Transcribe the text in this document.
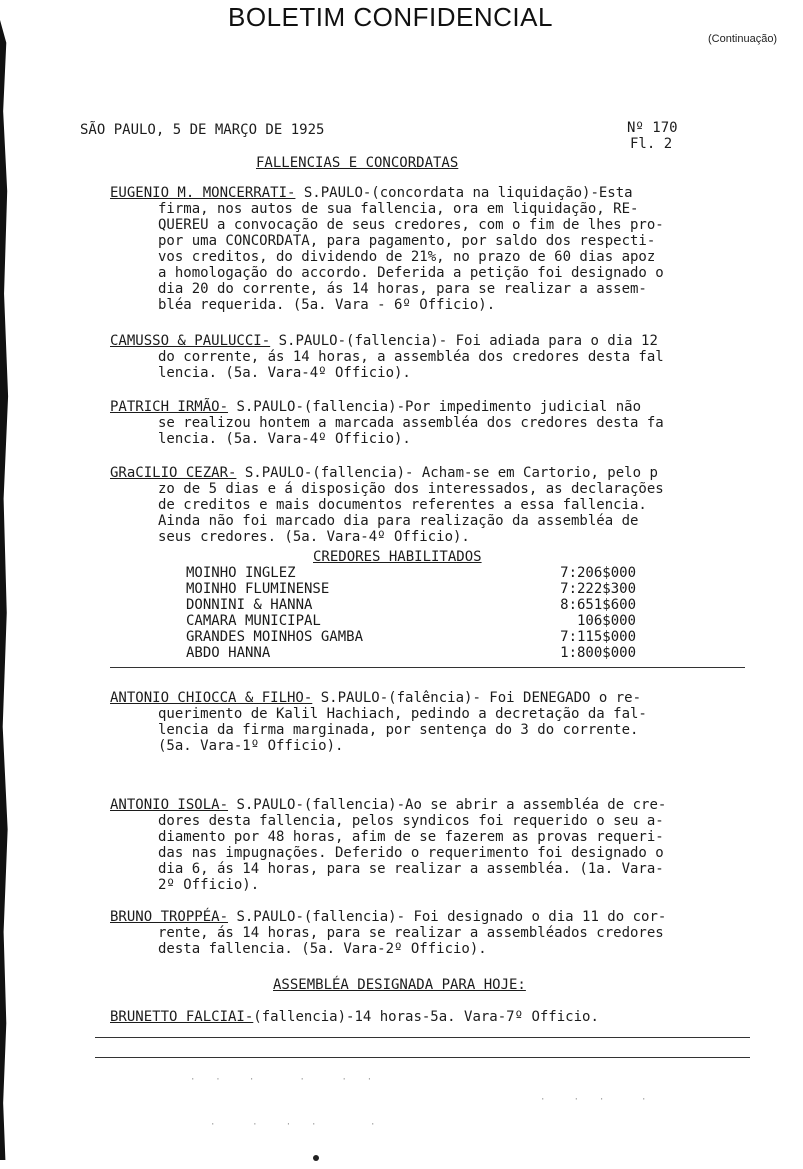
BOLETIM CONFIDENCIAL
(Continuação)
SÃO PAULO, 5 DE MARÇO DE 1925	Nº 170
Fl. 2
FALLENCIAS E CONCORDATAS
EUGENIO M. MONCERRATI- S.PAULO-(concordata na liquidação)-Esta
firma, nos autos de sua fallencia, ora em liquidação, RE-
QUEREU a convocação de seus credores, com o fim de lhes pro-
por uma CONCORDATA, para pagamento, por saldo dos respecti-
vos creditos, do dividendo de 21%, no prazo de 60 dias apoz
a homologação do accordo. Deferida a petição foi designado o
dia 20 do corrente, ás 14 horas, para se realizar a assem-
bléa requerida. (5a. Vara - 6º Officio).
CAMUSSO & PAULUCCI- S.PAULO-(fallencia)- Foi adiada para o dia 12
do corrente, ás 14 horas, a assembléa dos credores desta fal
lencia. (5a. Vara-4º Officio).
PATRICH IRMÃO- S.PAULO-(fallencia)-Por impedimento judicial não
se realizou hontem a marcada assembléa dos credores desta fa
lencia. (5a. Vara-4º Officio).
GRaCILIO CEZAR- S.PAULO-(fallencia)- Acham-se em Cartorio, pelo p
zo de 5 dias e á disposição dos interessados, as declarações
de creditos e mais documentos referentes a essa fallencia.
Ainda não foi marcado dia para realização da assembléa de
seus credores. (5a. Vara-4º Officio).
CREDORES HABILITADOS
MOINHO INGLEZ	7:206$000
MOINHO FLUMINENSE	7:222$300
DONNINI & HANNA	8:651$600
CAMARA MUNICIPAL	106$000
GRANDES MOINHOS GAMBA	7:115$000
ABDO HANNA	1:800$000
ANTONIO CHIOCCA & FILHO- S.PAULO-(falência)- Foi DENEGADO o re-
querimento de Kalil Hachiach, pedindo a decretação da fal-
lencia da firma marginada, por sentença do 3 do corrente.
(5a. Vara-1º Officio).
ANTONIO ISOLA- S.PAULO-(fallencia)-Ao se abrir a assembléa de cre-
dores desta fallencia, pelos syndicos foi requerido o seu a-
diamento por 48 horas, afim de se fazerem as provas requeri-
das nas impugnações. Deferido o requerimento foi designado o
dia 6, ás 14 horas, para se realizar a assembléa. (1a. Vara-
2º Officio).
BRUNO TROPPÉA- S.PAULO-(fallencia)- Foi designado o dia 11 do cor-
rente, ás 14 horas, para se realizar a assembléados credores
desta fallencia. (5a. Vara-2º Officio).
ASSEMBLÉA DESIGNADA PARA HOJE:
BRUNETTO FALCIAI-(fallencia)-14 horas-5a. Vara-7º Officio.
·  ·   ·     ·    ·  ·
·   ·  ·    ·
·    ·   ·  ·      ·
